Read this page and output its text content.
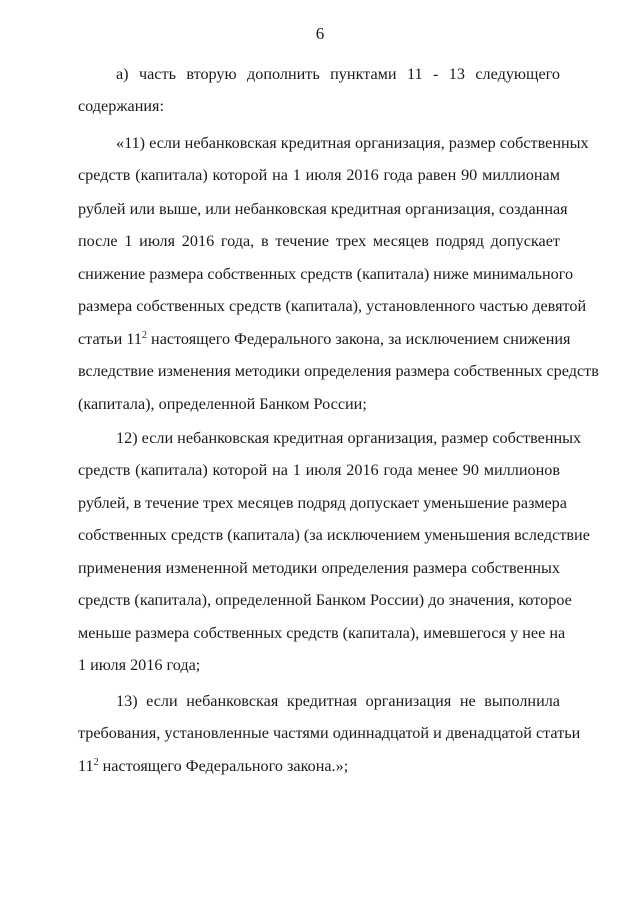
6
а) часть вторую дополнить пунктами 11 - 13 следующего
содержания:
«11) если небанковская кредитная организация, размер собственных
средств (капитала) которой на 1 июля 2016 года равен 90 миллионам
рублей или выше, или небанковская кредитная организация, созданная
после 1 июля 2016 года, в течение трех месяцев подряд допускает
снижение размера собственных средств (капитала) ниже минимального
размера собственных средств (капитала), установленного частью девятой
статьи $11^2$ настоящего Федерального закона, за исключением снижения
вследствие изменения методики определения размера собственных средств
(капитала), определенной Банком России;
12) если небанковская кредитная организация, размер собственных
средств (капитала) которой на 1 июля 2016 года менее 90 миллионов
рублей, в течение трех месяцев подряд допускает уменьшение размера
собственных средств (капитала) (за исключением уменьшения вследствие
применения измененной методики определения размера собственных
средств (капитала), определенной Банком России) до значения, которое
меньше размера собственных средств (капитала), имевшегося у нее на
1 июля 2016 года;
13) если небанковская кредитная организация не выполнила
требования, установленные частями одиннадцатой и двенадцатой статьи
$11^2$ настоящего Федерального закона.»;
